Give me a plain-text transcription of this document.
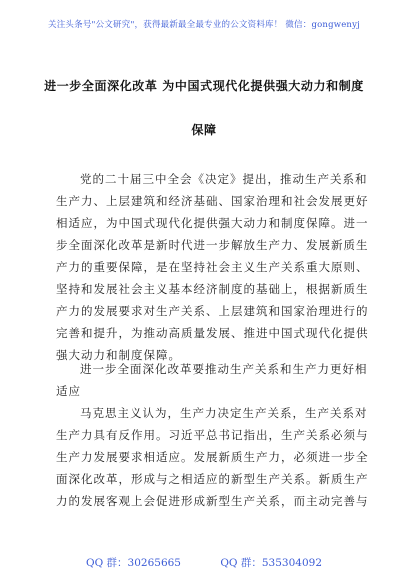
关注头条号"公文研究"，获得最新最全最专业的公文资料库！ 微信：gongwenyj
进一步全面深化改革 为中国式现代化提供强大动力和制度
保障
党的二十届三中全会《决定》提出，推动生产关系和
生产力、上层建筑和经济基础、国家治理和社会发展更好
相适应，为中国式现代化提供强大动力和制度保障。进一
步全面深化改革是新时代进一步解放生产力、发展新质生
产力的重要保障，是在坚持社会主义生产关系重大原则、
坚持和发展社会主义基本经济制度的基础上，根据新质生
产力的发展要求对生产关系、上层建筑和国家治理进行的
完善和提升，为推动高质量发展、推进中国式现代化提供
强大动力和制度保障。
进一步全面深化改革要推动生产关系和生产力更好相
适应
马克思主义认为，生产力决定生产关系，生产关系对
生产力具有反作用。习近平总书记指出，生产关系必须与
生产力发展要求相适应。发展新质生产力，必须进一步全
面深化改革，形成与之相适应的新型生产关系。新质生产
力的发展客观上会促进形成新型生产关系，而主动完善与
QQ 群：30265665	QQ 群：535304092
